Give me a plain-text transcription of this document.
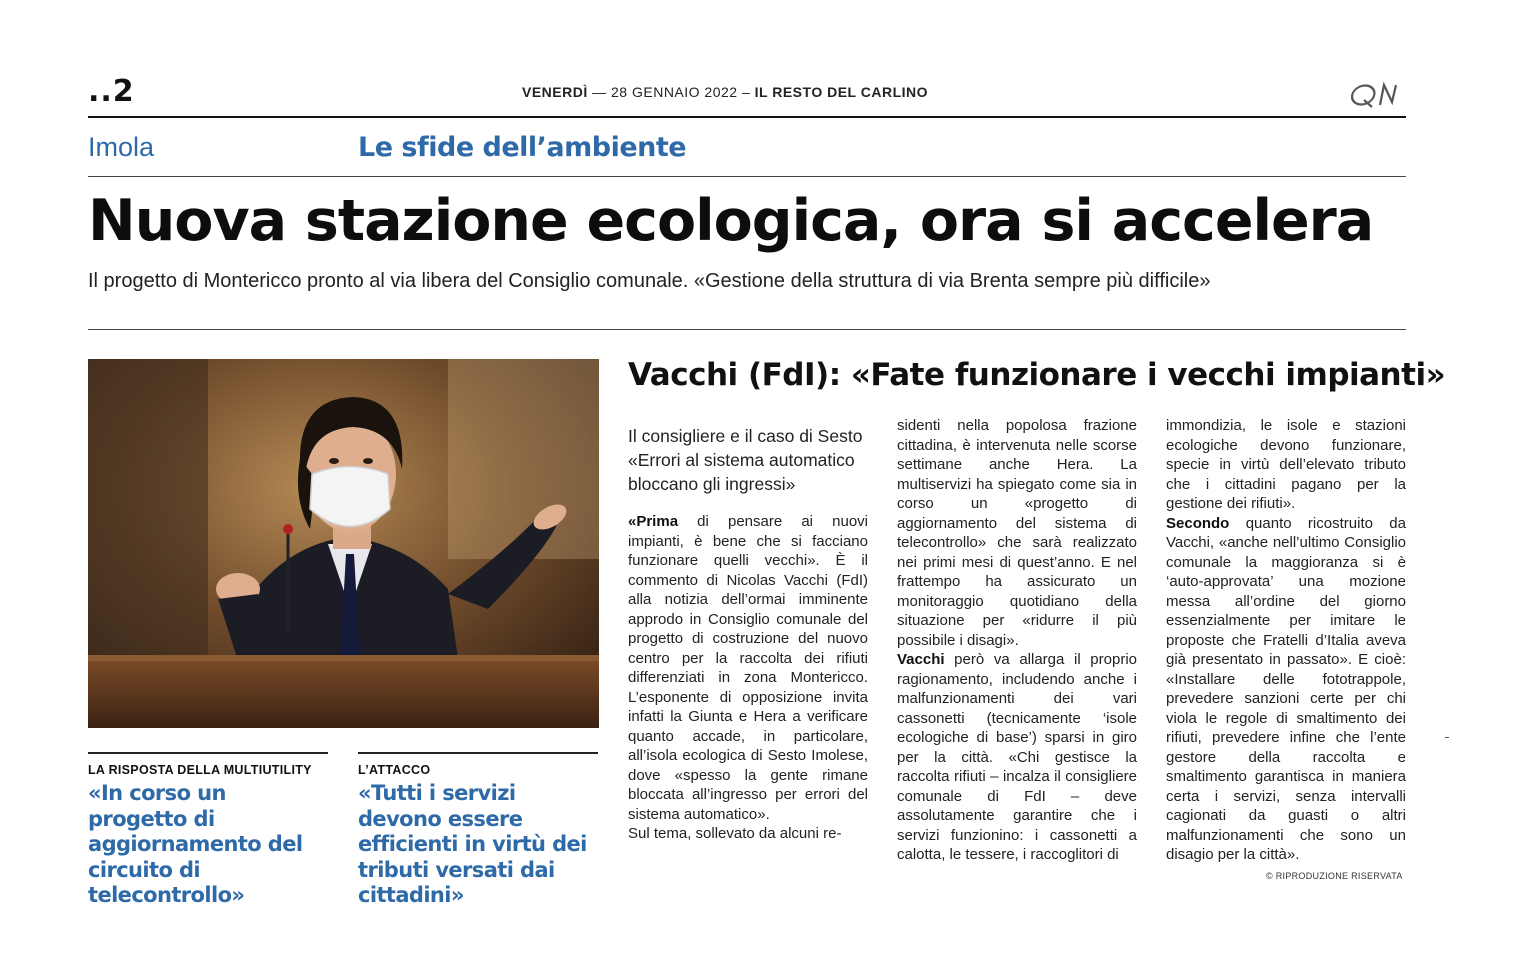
..2	VENERDÌ — 28 GENNAIO 2022 – IL RESTO DEL CARLINO
Imola	Le sfide dell’ambiente
Nuova stazione ecologica, ora si accelera
Il progetto di Montericco pronto al via libera del Consiglio comunale. «Gestione della struttura di via Brenta sempre più difficile»
LA RISPOSTA DELLA MULTIUTILITY
«In corso un progetto di aggiornamento del circuito di telecontrollo»
L’ATTACCO
«Tutti i servizi devono essere efficienti in virtù dei tributi versati dai cittadini»
Vacchi (FdI): «Fate funzionare i vecchi impianti»
Il consigliere e il caso di Sesto «Errori al sistema automatico bloccano gli ingressi»

«Prima di pensare ai nuovi impianti, è bene che si facciano funzionare quelli vecchi». È il commento di Nicolas Vacchi (FdI) alla notizia dell’ormai imminente approdo in Consiglio comunale del progetto di costruzione del nuovo centro per la raccolta dei rifiuti differenziati in zona Montericco. L’esponente di opposizione invita infatti la Giunta e Hera a verificare quanto accade, in particolare, all’isola ecologica di Sesto Imolese, dove «spesso la gente rimane bloccata all’ingresso per errori del sistema automatico».

Sul tema, sollevato da alcuni re-

sidenti nella popolosa frazione cittadina, è intervenuta nelle scorse settimane anche Hera. La multiservizi ha spiegato come sia in corso un «progetto di aggiornamento del sistema di telecontrollo» che sarà realizzato nei primi mesi di quest’anno. E nel frattempo ha assicurato un monitoraggio quotidiano della situazione per «ridurre il più possibile i disagi».

Vacchi però va allarga il proprio ragionamento, includendo anche i malfunzionamenti dei vari cassonetti (tecnicamente ‘isole ecologiche di base’) sparsi in giro per la città. «Chi gestisce la raccolta rifiuti – incalza il consigliere comunale di FdI – deve assolutamente garantire che i servizi funzionino: i cassonetti a calotta, le tessere, i raccoglitori di

immondizia, le isole e stazioni ecologiche devono funzionare, specie in virtù dell’elevato tributo che i cittadini pagano per la gestione dei rifiuti».

Secondo quanto ricostruito da Vacchi, «anche nell’ultimo Consiglio comunale la maggioranza si è ‘auto-approvata’ una mozione messa all’ordine del giorno essenzialmente per imitare le proposte che Fratelli d’Italia aveva già presentato in passato». E cioè: «Installare delle fototrappole, prevedere sanzioni certe per chi viola le regole di smaltimento dei rifiuti, prevedere infine che l’ente gestore della raccolta e smaltimento garantisca in maniera certa i servizi, senza intervalli cagionati da guasti o altri malfunzionamenti che sono un disagio per la città».

© RIPRODUZIONE RISERVATA
